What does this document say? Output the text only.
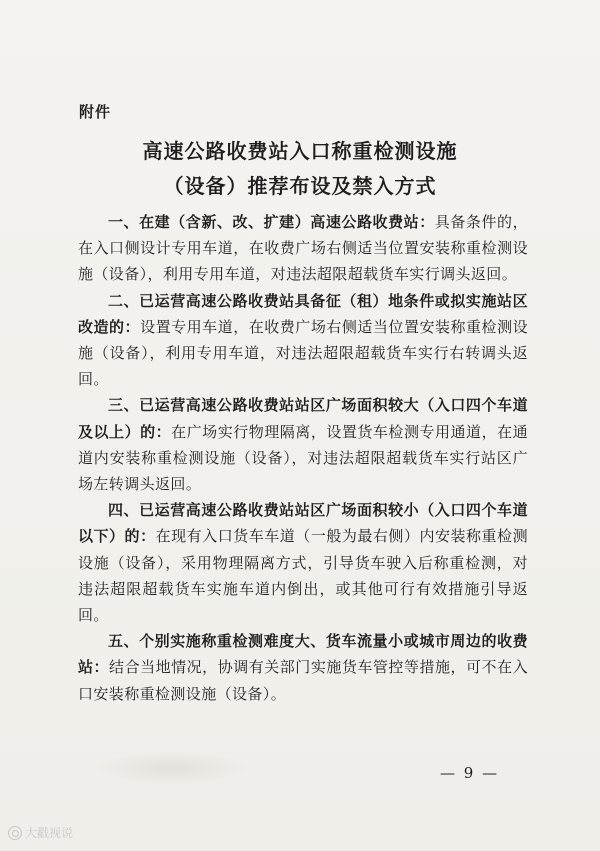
附件
高速公路收费站入口称重检测设施
（设备）推荐布设及禁入方式

一、在建（含新、改、扩建）高速公路收费站：具备条件的，在入口侧设计专用车道，在收费广场右侧适当位置安装称重检测设施（设备），利用专用车道，对违法超限超载货车实行调头返回。

二、已运营高速公路收费站具备征（租）地条件或拟实施站区改造的：设置专用车道，在收费广场右侧适当位置安装称重检测设施（设备），利用专用车道，对违法超限超载货车实行右转调头返回。

三、已运营高速公路收费站站区广场面积较大（入口四个车道及以上）的：在广场实行物理隔离，设置货车检测专用通道，在通道内安装称重检测设施（设备），对违法超限超载货车实行站区广场左转调头返回。

四、已运营高速公路收费站站区广场面积较小（入口四个车道以下）的：在现有入口货车车道（一般为最右侧）内安装称重检测设施（设备），采用物理隔离方式，引导货车驶入后称重检测，对违法超限超载货车实施车道内倒出，或其他可行有效措施引导返回。

五、个别实施称重检测难度大、货车流量小或城市周边的收费站：结合当地情况，协调有关部门实施货车管控等措施，可不在入口安装称重检测设施（设备）。

— 9 —
大戳视说
